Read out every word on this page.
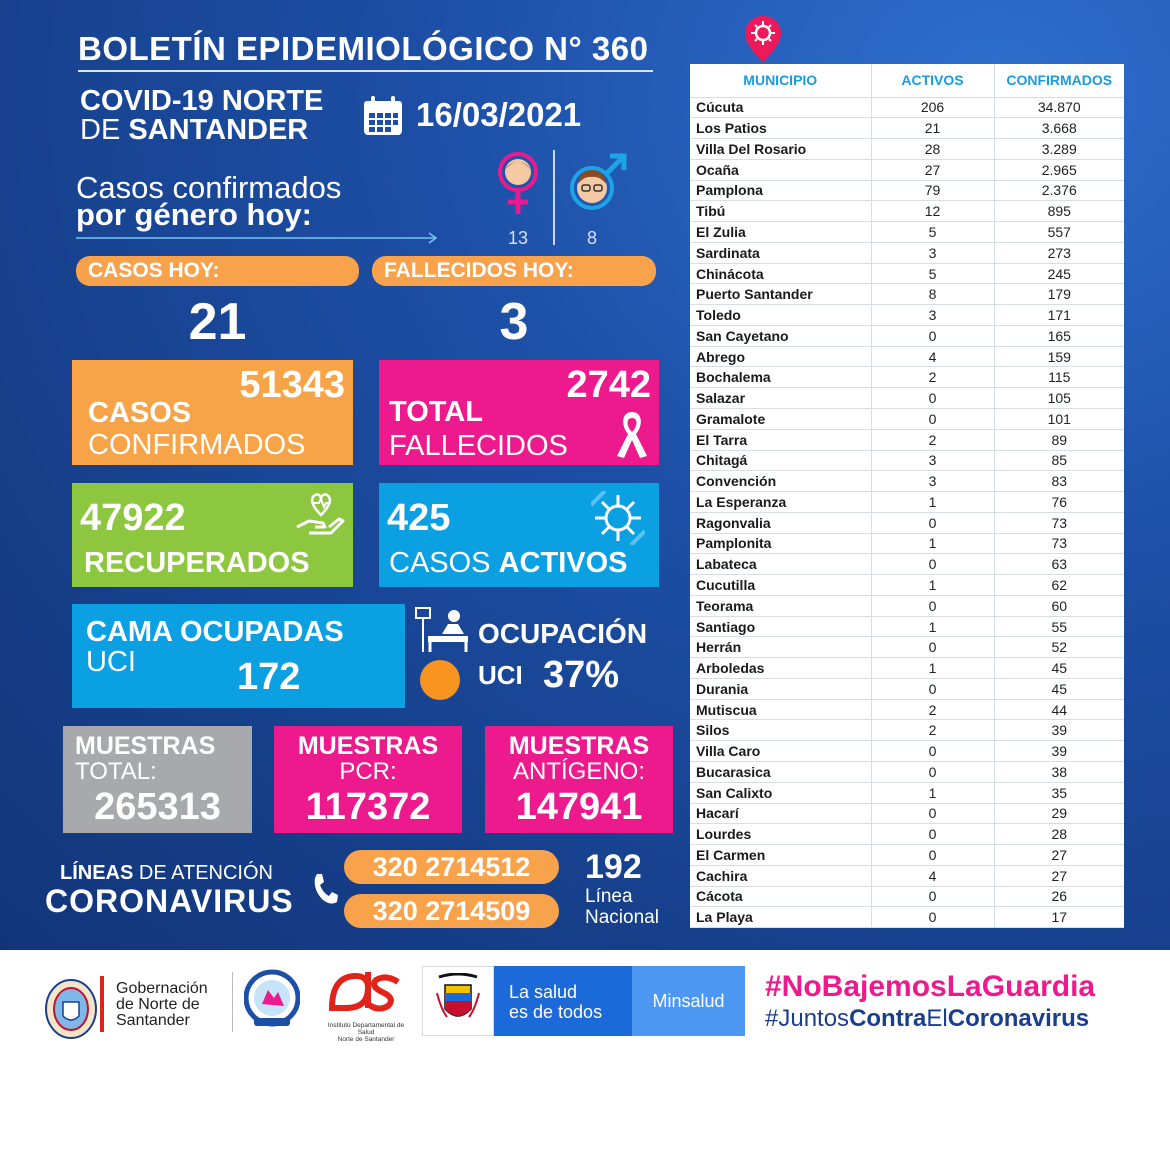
BOLETÍN EPIDEMIOLÓGICO N° 360
COVID-19 NORTE
DE SANTANDER	16/03/2021
Casos confirmados
por género hoy:
13	8
CASOS HOY:	FALLECIDOS HOY:
21	3
51343
CASOS
CONFIRMADOS
2742
TOTAL
FALLECIDOS
47922
RECUPERADOS
425
CASOS ACTIVOS
CAMA OCUPADAS
UCI	172
OCUPACIÓN
UCI 37%
MUESTRAS
TOTAL:
265313
MUESTRAS
PCR:
117372
MUESTRAS
ANTÍGENO:
147941
LÍNEAS DE ATENCIÓN
CORONAVIRUS
320 2714512
320 2714509
192
Línea
Nacional
MUNICIPIO	ACTIVOS	CONFIRMADOS
Cúcuta	206	34.870
Los Patios	21	3.668
Villa Del Rosario	28	3.289
Ocaña	27	2.965
Pamplona	79	2.376
Tibú	12	895
El Zulia	5	557
Sardinata	3	273
Chinácota	5	245
Puerto Santander	8	179
Toledo	3	171
San Cayetano	0	165
Abrego	4	159
Bochalema	2	115
Salazar	0	105
Gramalote	0	101
El Tarra	2	89
Chitagá	3	85
Convención	3	83
La Esperanza	1	76
Ragonvalia	0	73
Pamplonita	1	73
Labateca	0	63
Cucutilla	1	62
Teorama	0	60
Santiago	1	55
Herrán	0	52
Arboledas	1	45
Durania	0	45
Mutiscua	2	44
Silos	2	39
Villa Caro	0	39
Bucarasica	0	38
San Calixto	1	35
Hacarí	0	29
Lourdes	0	28
El Carmen	0	27
Cachira	4	27
Cácota	0	26
La Playa	0	17
Gobernación
de Norte de
Santander	Instituto Departamental de Salud
Norte de Santander
La salud
es de todos
Minsalud	#NoBajemosLaGuardia
#JuntosContraElCoronavirus
